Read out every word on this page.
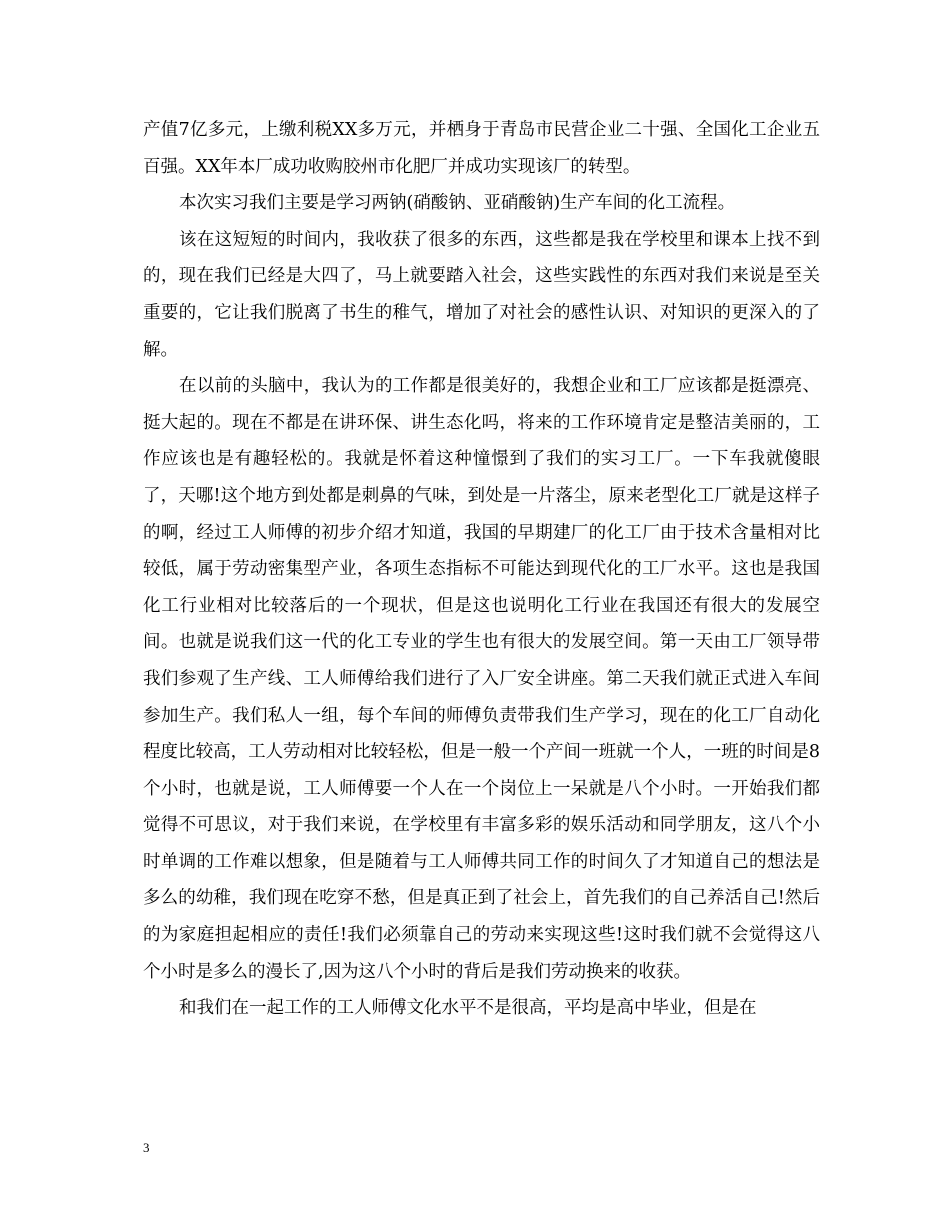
产值7亿多元，上缴利税XX多万元，并栖身于青岛市民营企业二十强、全国化工企业五百强。XX年本厂成功收购胶州市化肥厂并成功实现该厂的转型。

本次实习我们主要是学习两钠(硝酸钠、亚硝酸钠)生产车间的化工流程。

该在这短短的时间内，我收获了很多的东西，这些都是我在学校里和课本上找不到的，现在我们已经是大四了，马上就要踏入社会，这些实践性的东西对我们来说是至关重要的，它让我们脱离了书生的稚气，增加了对社会的感性认识、对知识的更深入的了解。

在以前的头脑中，我认为的工作都是很美好的，我想企业和工厂应该都是挺漂亮、挺大起的。现在不都是在讲环保、讲生态化吗，将来的工作环境肯定是整洁美丽的，工作应该也是有趣轻松的。我就是怀着这种憧憬到了我们的实习工厂。一下车我就傻眼了，天哪!这个地方到处都是刺鼻的气味，到处是一片落尘，原来老型化工厂就是这样子的啊，经过工人师傅的初步介绍才知道，我国的早期建厂的化工厂由于技术含量相对比较低，属于劳动密集型产业，各项生态指标不可能达到现代化的工厂水平。这也是我国化工行业相对比较落后的一个现状，但是这也说明化工行业在我国还有很大的发展空间。也就是说我们这一代的化工专业的学生也有很大的发展空间。第一天由工厂领导带我们参观了生产线、工人师傅给我们进行了入厂安全讲座。第二天我们就正式进入车间参加生产。我们私人一组，每个车间的师傅负责带我们生产学习，现在的化工厂自动化程度比较高，工人劳动相对比较轻松，但是一般一个产间一班就一个人，一班的时间是8个小时，也就是说，工人师傅要一个人在一个岗位上一呆就是八个小时。一开始我们都觉得不可思议，对于我们来说，在学校里有丰富多彩的娱乐活动和同学朋友，这八个小时单调的工作难以想象，但是随着与工人师傅共同工作的时间久了才知道自己的想法是多么的幼稚，我们现在吃穿不愁，但是真正到了社会上，首先我们的自己养活自己!然后的为家庭担起相应的责任!我们必须靠自己的劳动来实现这些!这时我们就不会觉得这八个小时是多么的漫长了,因为这八个小时的背后是我们劳动换来的收获。

和我们在一起工作的工人师傅文化水平不是很高，平均是高中毕业，但是在

3
